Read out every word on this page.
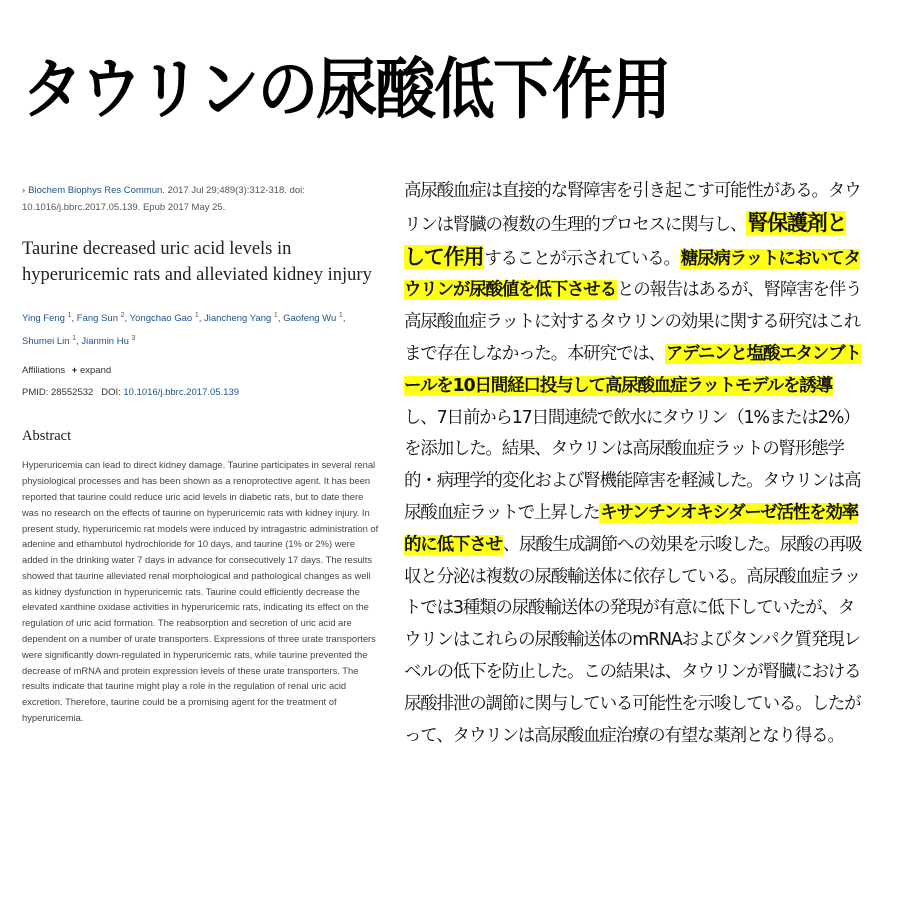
タウリンの尿酸低下作用
› Biochem Biophys Res Commun. 2017 Jul 29;489(3):312-318. doi: 10.1016/j.bbrc.2017.05.139. Epub 2017 May 25.
Taurine decreased uric acid levels in hyperuricemic rats and alleviated kidney injury
Ying Feng $^1$, Fang Sun $^2$, Yongchao Gao $^1$, Jiancheng Yang $^1$, Gaofeng Wu $^1$, Shumei Lin $^1$, Jianmin Hu $^3$
Affiliations + expand
PMID: 28552532 DOI: 10.1016/j.bbrc.2017.05.139
Abstract
Hyperuricemia can lead to direct kidney damage. Taurine participates in several renal physiological processes and has been shown as a renoprotective agent. It has been reported that taurine could reduce uric acid levels in diabetic rats, but to date there was no research on the effects of taurine on hyperuricemic rats with kidney injury. In present study, hyperuricemic rat models were induced by intragastric administration of adenine and ethambutol hydrochloride for 10 days, and taurine (1% or 2%) were added in the drinking water 7 days in advance for consecutively 17 days. The results showed that taurine alleviated renal morphological and pathological changes as well as kidney dysfunction in hyperuricemic rats. Taurine could efficiently decrease the elevated xanthine oxidase activities in hyperuricemic rats, indicating its effect on the regulation of uric acid formation. The reabsorption and secretion of uric acid are dependent on a number of urate transporters. Expressions of three urate transporters were significantly down-regulated in hyperuricemic rats, while taurine prevented the decrease of mRNA and protein expression levels of these urate transporters. The results indicate that taurine might play a role in the regulation of renal uric acid excretion. Therefore, taurine could be a promising agent for the treatment of hyperuricemia.
高尿酸血症は直接的な腎障害を引き起こす可能性がある。タウリンは腎臓の複数の生理的プロセスに関与し、腎保護剤として作用することが示されている。糖尿病ラットにおいてタウリンが尿酸値を低下させるとの報告はあるが、腎障害を伴う高尿酸血症ラットに対するタウリンの効果に関する研究はこれまで存在しなかった。本研究では、アデニンと塩酸エタンブトールを10日間経口投与して高尿酸血症ラットモデルを誘導し、7日前から17日間連続で飲水にタウリン（1%または2%）を添加した。結果、タウリンは高尿酸血症ラットの腎形態学的・病理学的変化および腎機能障害を軽減した。タウリンは高尿酸血症ラットで上昇したキサンチンオキシダーゼ活性を効率的に低下させ、尿酸生成調節への効果を示唆した。尿酸の再吸収と分泌は複数の尿酸輸送体に依存している。高尿酸血症ラットでは3種類の尿酸輸送体の発現が有意に低下していたが、タウリンはこれらの尿酸輸送体のmRNAおよびタンパク質発現レベルの低下を防止した。この結果は、タウリンが腎臓における尿酸排泄の調節に関与している可能性を示唆している。したがって、タウリンは高尿酸血症治療の有望な薬剤となり得る。
